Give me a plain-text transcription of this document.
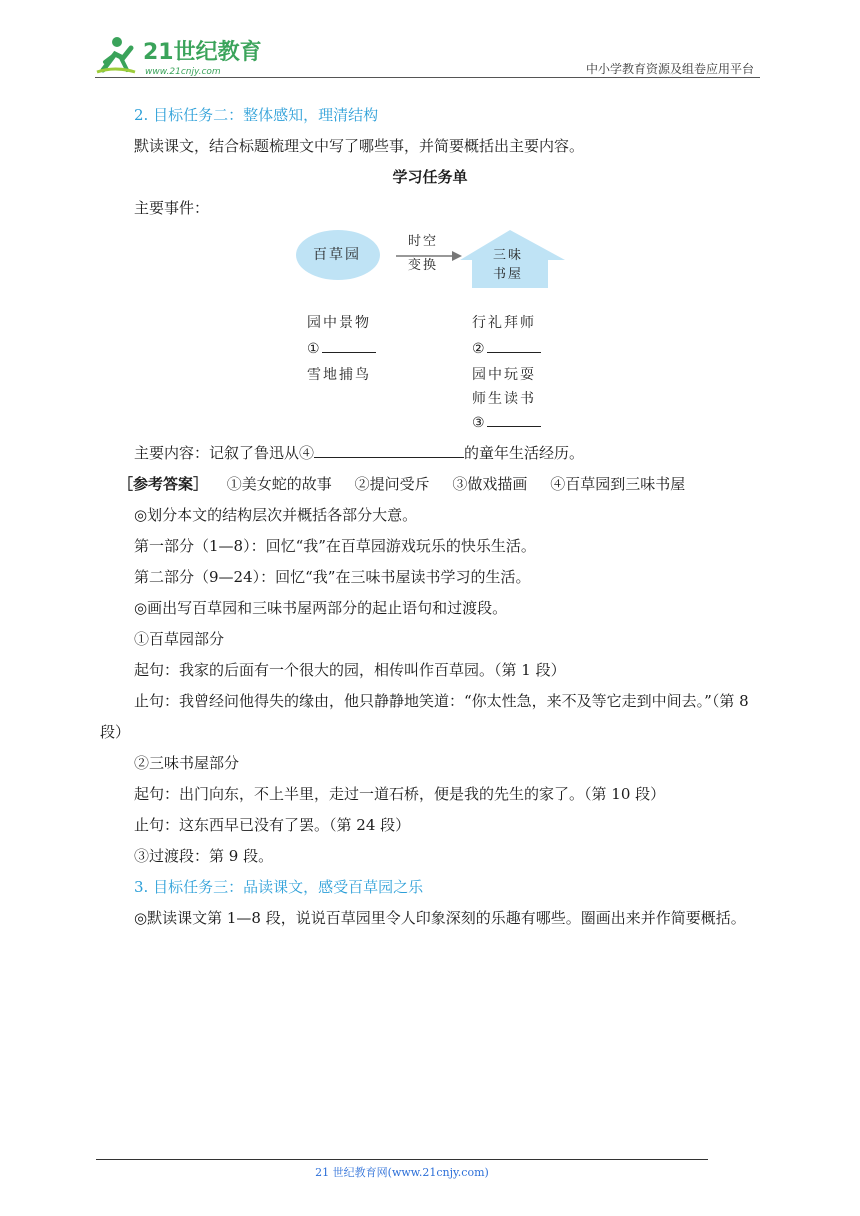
21世纪教育
www.21cnjy.com	中小学教育资源及组卷应用平台

2. 目标任务二：整体感知，理清结构

默读课文，结合标题梳理文中写了哪些事，并简要概括出主要内容。

学习任务单

主要事件：

百草园
时空
变换
三味
书屋
园中景物
①
雪地捕鸟
行礼拜师
②
园中玩耍
师生读书
③

主要内容：记叙了鲁迅从④	的童年生活经历。

［参考答案］ ①美女蛇的故事 ②提问受斥 ③做戏描画 ④百草园到三味书屋

◎划分本文的结构层次并概括各部分大意。

第一部分（1—8）：回忆“我”在百草园游戏玩乐的快乐生活。

第二部分（9—24）：回忆“我”在三味书屋读书学习的生活。

◎画出写百草园和三味书屋两部分的起止语句和过渡段。

①百草园部分

起句：我家的后面有一个很大的园，相传叫作百草园。（第 1 段）

止句：我曾经问他得失的缘由，他只静静地笑道：“你太性急，来不及等它走到中间去。”（第 8 段）

②三味书屋部分

起句：出门向东，不上半里，走过一道石桥，便是我的先生的家了。（第 10 段）

止句：这东西早已没有了罢。（第 24 段）

③过渡段：第 9 段。

3. 目标任务三：品读课文，感受百草园之乐

◎默读课文第 1—8 段，说说百草园里令人印象深刻的乐趣有哪些。圈画出来并作简要概括。

21 世纪教育网(www.21cnjy.com)
